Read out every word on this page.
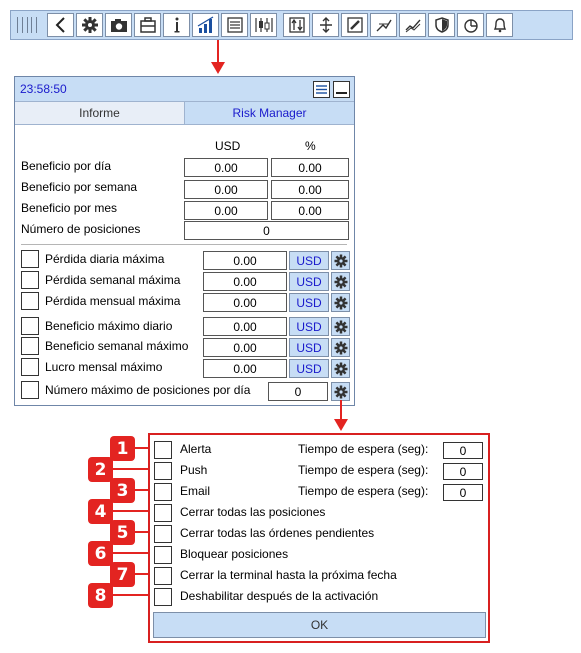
23:58:50
Informe	Risk Manager
USD	%
Beneficio por día	0.00	0.00
Beneficio por semana	0.00	0.00
Beneficio por mes	0.00	0.00
Número de posiciones	0
Pérdida diaria máxima	0.00	USD
Pérdida semanal máxima	0.00	USD
Pérdida mensual máxima	0.00	USD
Beneficio máximo diario	0.00	USD
Beneficio semanal máximo	0.00	USD
Lucro mensal máximo	0.00	USD
Número máximo de posiciones por día	0
1
2
3
4
5
6
7
8
Alerta	Tiempo de espera (seg):	0
Push	Tiempo de espera (seg):	0
Email	Tiempo de espera (seg):	0
Cerrar todas las posiciones
Cerrar todas las órdenes pendientes
Bloquear posiciones
Cerrar la terminal hasta la próxima fecha
Deshabilitar después de la activación
OK
